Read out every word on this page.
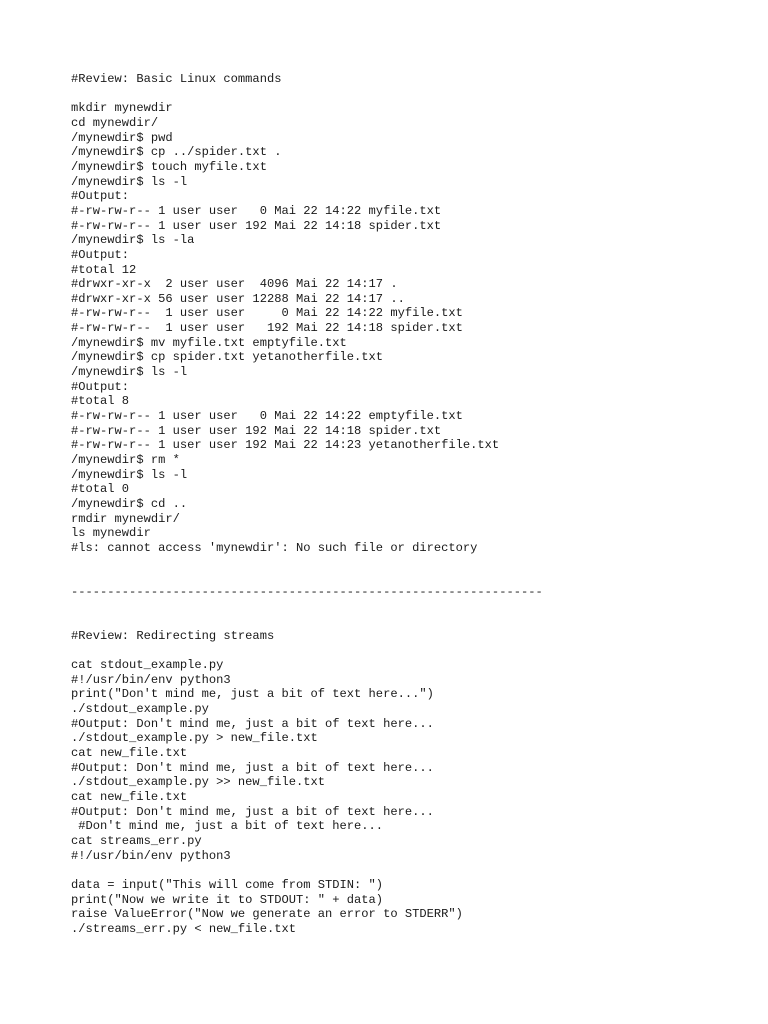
#Review: Basic Linux commands
mkdir mynewdir
cd mynewdir/
/mynewdir$ pwd
/mynewdir$ cp ../spider.txt .
/mynewdir$ touch myfile.txt
/mynewdir$ ls -l
#Output:
#-rw-rw-r-- 1 user user   0 Mai 22 14:22 myfile.txt
#-rw-rw-r-- 1 user user 192 Mai 22 14:18 spider.txt
/mynewdir$ ls -la
#Output:
#total 12
#drwxr-xr-x  2 user user  4096 Mai 22 14:17 .
#drwxr-xr-x 56 user user 12288 Mai 22 14:17 ..
#-rw-rw-r--  1 user user     0 Mai 22 14:22 myfile.txt
#-rw-rw-r--  1 user user   192 Mai 22 14:18 spider.txt
/mynewdir$ mv myfile.txt emptyfile.txt
/mynewdir$ cp spider.txt yetanotherfile.txt
/mynewdir$ ls -l
#Output:
#total 8
#-rw-rw-r-- 1 user user   0 Mai 22 14:22 emptyfile.txt
#-rw-rw-r-- 1 user user 192 Mai 22 14:18 spider.txt
#-rw-rw-r-- 1 user user 192 Mai 22 14:23 yetanotherfile.txt
/mynewdir$ rm *
/mynewdir$ ls -l
#total 0
/mynewdir$ cd ..
rmdir mynewdir/
ls mynewdir
#ls: cannot access 'mynewdir': No such file or directory
-----------------------------------------------------------------
#Review: Redirecting streams
cat stdout_example.py
#!/usr/bin/env python3
print("Don't mind me, just a bit of text here...")
./stdout_example.py
#Output: Don't mind me, just a bit of text here...
./stdout_example.py > new_file.txt
cat new_file.txt
#Output: Don't mind me, just a bit of text here...
./stdout_example.py >> new_file.txt
cat new_file.txt
#Output: Don't mind me, just a bit of text here...
#Don't mind me, just a bit of text here...
cat streams_err.py
#!/usr/bin/env python3
data = input("This will come from STDIN: ")
print("Now we write it to STDOUT: " + data)
raise ValueError("Now we generate an error to STDERR")
./streams_err.py < new_file.txt
